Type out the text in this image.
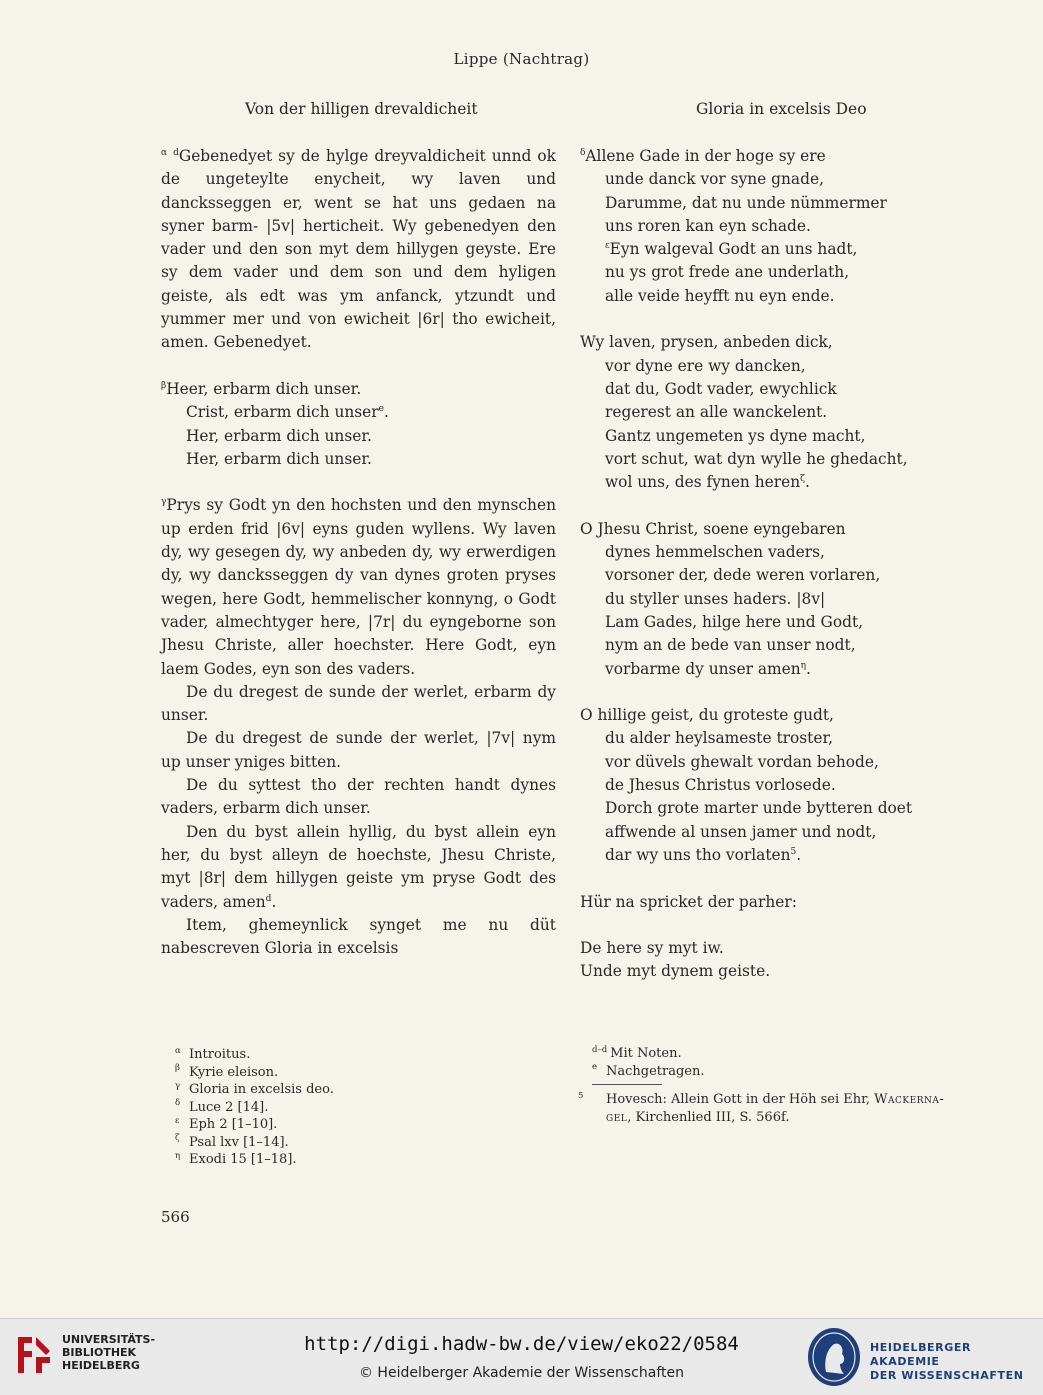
Lippe (Nachtrag)
Von der hilligen drevaldicheit	Gloria in excelsis Deo

$^\alpha$ $^d$Gebenedyet sy de hylge dreyvaldicheit unnd ok de ungeteylte enycheit, wy laven und dancksseggen er, went se hat uns gedaen na syner barm- |5v| herticheit. Wy gebenedyen den vader und den son myt dem hillygen geyste. Ere sy dem vader und dem son und dem hyligen geiste, als edt was ym anfanck, ytzundt und yummer mer und von ewicheit |6r| tho ewicheit, amen. Gebenedyet.

$^\beta$Heer, erbarm dich unser.
Crist, erbarm dich unser$^e$.
Her, erbarm dich unser.
Her, erbarm dich unser.

$^\gamma$Prys sy Godt yn den hochsten und den mynschen up erden frid |6v| eyns guden wyllens. Wy laven dy, wy gesegen dy, wy anbeden dy, wy erwerdigen dy, wy dancksseggen dy van dynes groten pryses wegen, here Godt, hemmelischer konnyng, o Godt vader, almechtyger here, |7r| du eyngeborne son Jhesu Christe, aller hoechster. Here Godt, eyn laem Godes, eyn son des vaders.

De du dregest de sunde der werlet, erbarm dy unser.

De du dregest de sunde der werlet, |7v| nym up unser yniges bitten.

De du syttest tho der rechten handt dynes vaders, erbarm dich unser.

Den du byst allein hyllig, du byst allein eyn her, du byst alleyn de hoechste, Jhesu Christe, myt |8r| dem hillygen geiste ym pryse Godt des vaders, amen$^d$.

Item, ghemeynlick synget me nu düt nabescreven Gloria in excelsis

$^\delta$Allene Gade in der hoge sy ere
unde danck vor syne gnade,
Darumme, dat nu unde nümmermer
uns roren kan eyn schade.
$^\varepsilon$Eyn walgeval Godt an uns hadt,
nu ys grot frede ane underlath,
alle veide heyfft nu eyn ende.
Wy laven, prysen, anbeden dick,
vor dyne ere wy dancken,
dat du, Godt vader, ewychlick
regerest an alle wanckelent.
Gantz ungemeten ys dyne macht,
vort schut, wat dyn wylle he ghedacht,
wol uns, des fynen heren$^\zeta$.
O Jhesu Christ, soene eyngebaren
dynes hemmelschen vaders,
vorsoner der, dede weren vorlaren,
du styller unses haders. |8v|
Lam Gades, hilge here und Godt,
nym an de bede van unser nodt,
vorbarme dy unser amen$^\eta$.
O hillige geist, du groteste gudt,
du alder heylsameste troster,
vor düvels ghewalt vordan behode,
de Jhesus Christus vorlosede.
Dorch grote marter unde bytteren doet
affwende al unsen jamer und nodt,
dar wy uns tho vorlaten$^5$.
Hür na spricket der parher:
De here sy myt iw.
Unde myt dynem geiste.
α Introitus.
β Kyrie eleison.
γ Gloria in excelsis deo.
δ Luce 2 [14].
ε Eph 2 [1–10].
ζ Psal lxv [1–14].
η Exodi 15 [1–18].
d–d Mit Noten.
e Nachgetragen.
5 Hovesch: Allein Gott in der Höh sei Ehr, Wackerna-
gel, Kirchenlied III, S. 566f.
566
UNIVERSITÄTS-
BIBLIOTHEK
HEIDELBERG
http://digi.hadw-bw.de/view/eko22/0584
© Heidelberger Akademie der Wissenschaften
HEIDELBERGER AKADEMIE
DER WISSENSCHAFTEN
